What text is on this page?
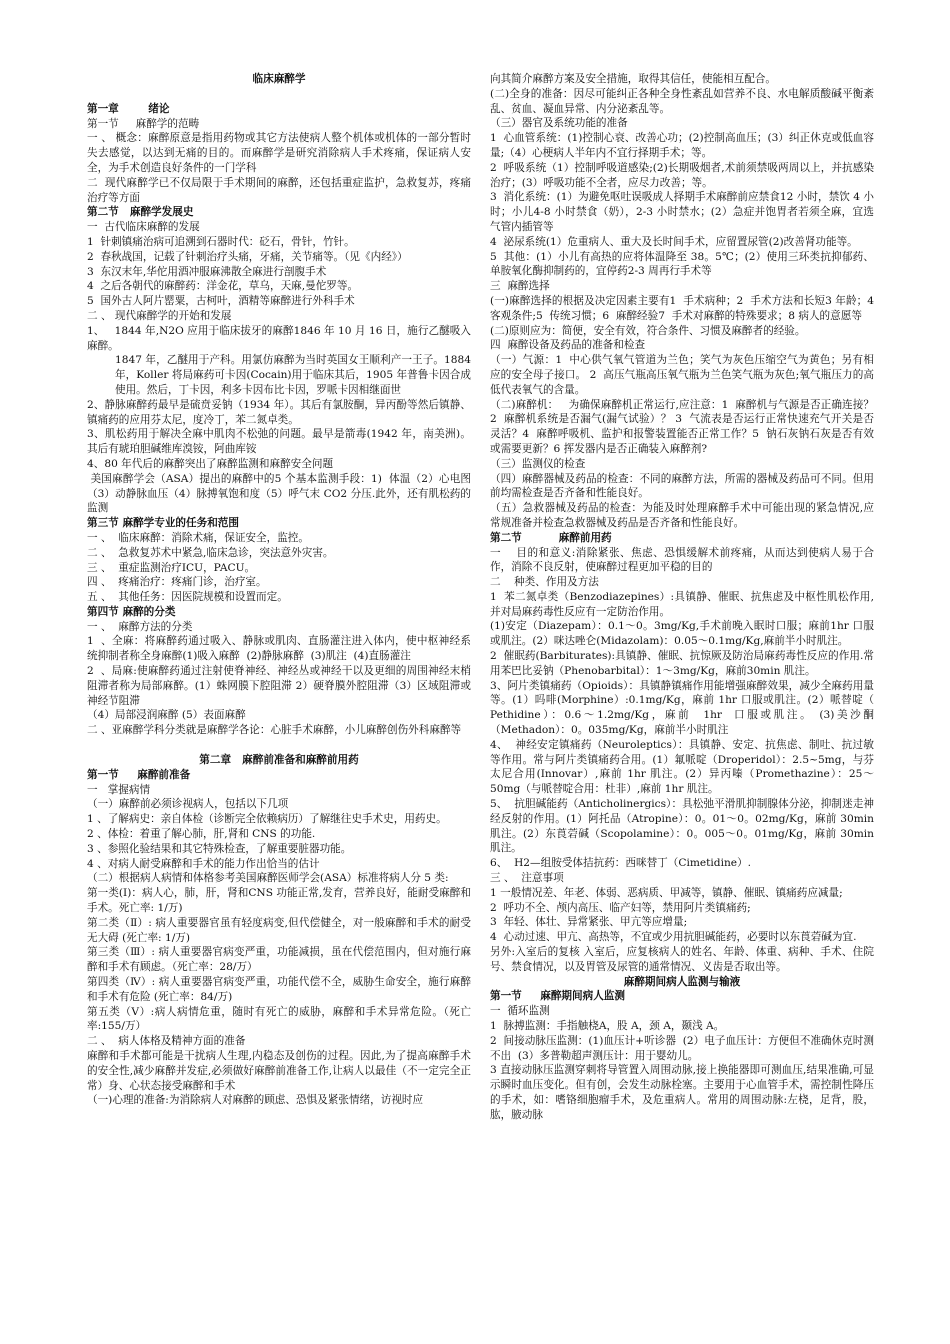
临床麻醉学
第一章        绪论
第一节     麻醉学的范畴
一 、 概念：麻醉原意是指用药物或其它方法使病人整个机体或机体的一部分暂时失去感觉，以达到无痛的目的。而麻醉学是研究消除病人手术疼痛，保证病人安全，为手术创造良好条件的一门学科
二  现代麻醉学已不仅局限于手术期间的麻醉，还包括重症监护，急救复苏，疼痛治疗等方面
第二节   麻醉学发展史
一  古代临床麻醉的发展
1  针刺镇痛治病可追溯到石器时代：砭石，骨针，竹针。
2  春秋战国，记载了针刺治疗头痛，牙痛，关节痛等。（见《内经》）
3  东汉末年,华佗用酒冲服麻沸散全麻进行剖腹手术
4  之后各朝代的麻醉药：洋金花，草乌，天麻,曼佗罗等。
5  国外古人阿片罂粟，古柯叶，酒精等麻醉进行外科手术
二 、 现代麻醉学的开始和发展
1、   1844 年,N2O 应用于临床拔牙的麻醉1846 年 10 月 16 日，施行乙醚吸入麻醉。
1847 年，乙醚用于产科。用氯仿麻醉为当时英国女王顺利产一王子。1884 年，Koller 将局麻药可卡因(Cocain)用于临床其后，1905 年普鲁卡因合成使用。然后，丁卡因，利多卡因布比卡因，罗哌卡因相继面世
2、静脉麻醉药最早是硫贲妥钠（1934 年）。其后有氯胺酮，异丙酚等然后镇静、镇痛药的应用芬太尼，度冷丁，苯二氮卓类。
3、肌松药用于解决全麻中肌肉不松弛的问题。最早是箭毒(1942 年，南美洲)。其后有琥珀胆碱维库溴铵，阿曲库铵
4、80 年代后的麻醉突出了麻醉监测和麻醉安全问题
美国麻醉学会（ASA）提出的麻醉中的5 个基本监测手段：1)  体温（2）心电图（3）动静脉血压（4）脉搏氧饱和度（5）呼气末 CO2 分压.此外，还有肌松药的监测
第三节 麻醉学专业的任务和范围
一 、  临床麻醉：消除术痛，保证安全，监控。
二 、  急救复苏术中紧急,临床急诊，突法意外灾害。
三 、  重症监测治疗ICU，PACU。
四 、  疼痛治疗：疼痛门诊，治疗室。
五 、  其他任务：因医院规模和设置而定。
第四节 麻醉的分类
一 、  麻醉方法的分类
1  、全麻：将麻醉药通过吸入、静脉或肌肉、直肠灌注进入体内，使中枢神经系统抑制者称全身麻醉(1)吸入麻醉  (2)静脉麻醉  (3)肌注  (4)直肠灌注
2  、局麻:使麻醉药通过注射使脊神经、神经丛或神经干以及更细的周围神经末梢阻滞者称为局部麻醉。(1）蛛网膜下腔阻滞 2）硬脊膜外腔阻滞（3）区域阻滞或神经节阻滞
（4）局部浸润麻醉 (5）表面麻醉
二 、亚麻醉学科分类就是麻醉学各论：心脏手术麻醉，小儿麻醉创伤外科麻醉等
第二章   麻醉前准备和麻醉前用药
第一节     麻醉前准备
一   掌握病情
（一）麻醉前必须诊视病人，包括以下几项
1 、了解病史：亲自体检（诊断完全依赖病历）了解继往史手术史，用药史。
2 、体检：着重了解心肺，肝,肾和 CNS 的功能.
3 、参照化验结果和其它特殊检查，了解重要脏器功能。
4 、对病人耐受麻醉和手术的能力作出恰当的估计
（二）根据病人病情和体格参考美国麻醉医师学会(ASA）标准将病人分 5 类:
第一类(Ⅰ)：病人心，肺，肝，肾和CNS 功能正常,发育，营养良好，能耐受麻醉和手术。死亡率: 1/万)
第二类（Ⅱ）: 病人重要器官虽有轻度病变,但代偿健全，对一般麻醉和手术的耐受无大碍 (死亡率: 1/万)
第三类（Ⅲ）: 病人重要器官病变严重，功能减损，虽在代偿范围内，但对施行麻醉和手术有顾虑。（死亡率：28/万）
第四类（Ⅳ）: 病人重要器官病变严重，功能代偿不全，威胁生命安全，施行麻醉和手术有危险 (死亡率：84/万)
第五类（Ⅴ）:病人病情危重，随时有死亡的威胁，麻醉和手术异常危险。（死亡率:155/万）
二 、  病人体格及精神方面的准备
麻醉和手术都可能是干扰病人生理,内稳态及创伤的过程。因此,为了提高麻醉手术的安全性,减少麻醉并发症,必须做好麻醉前准备工作,让病人以最佳（不一定完全正常）身、心状态接受麻醉和手术
（一)心理的准备:为消除病人对麻醉的顾虑、恐惧及紧张情绪，访视时应
向其简介麻醉方案及安全措施，取得其信任，使能相互配合。
(二)全身的准备：因尽可能纠正各种全身性紊乱如营养不良、水电解质酸碱平衡紊乱、贫血、凝血异常、内分泌紊乱等。
（三）器官及系统功能的准备
1  心血管系统：(1)控制心衰、改善心功；(2)控制高血压；(3）纠正休克或低血容量;（4）心梗病人半年内不宜行择期手术；等。
2  呼吸系统（1）控制呼吸道感染;(2)长期吸烟者,术前须禁吸两周以上，并抗感染治疗；(3）呼吸功能不全者，应尽力改善；等。
3  消化系统：(1）为避免呕吐误吸成人择期手术麻醉前应禁食12 小时，禁饮 4 小时；小儿4-8 小时禁食（奶），2-3 小时禁水；(2）急症并饱胃者若须全麻，宜选气管内插管等
4  泌尿系统(1）危重病人、重大及长时间手术，应留置尿管(2)改善肾功能等。
5  其他：(1）小儿有高热的应将体温降至 38。5℃；(2）使用三环类抗抑郁药、单胺氧化酶抑制药的，宜停药2-3 周再行手术等
三  麻醉选择
(一)麻醉选择的根据及决定因素主要有1  手术病种；2  手术方法和长短3 年龄；4  客观条件;5  传统习惯；6  麻醉经验7  手术对麻醉的特殊要求；8 病人的意愿等
(二)原则应为：简便，安全有效，符合条件、习惯及麻醉者的经验。
四  麻醉设备及药品的准备和检查
（一）气源：1  中心供气氧气管道为兰色；笑气为灰色压缩空气为黄色；另有相应的安全母子接口。 2  高压气瓶高压氧气瓶为兰色笑气瓶为灰色;氧气瓶压力的高低代表氧气的含量。
（二)麻醉机：   为确保麻醉机正常运行,应注意：1  麻醉机与气源是否正确连接？ 2  麻醉机系统是否漏气(漏气试验）？ 3  气流表是否运行正常快速充气开关是否灵活？4  麻醉呼吸机、监护和报警装置能否正常工作？5  钠石灰钠石灰是否有效或需要更新？6 挥发器内是否正确装入麻醉剂?
（三）监测仪的检查
（四）麻醉器械及药品的检查：不同的麻醉方法，所需的器械及药品可不同。但用前均需检查是否齐备和性能良好。
（五）急救器械及药品的检查：为能及时处理麻醉手术中可能出现的紧急情况,应常规准备并检查急救器械及药品是否齐备和性能良好。
第二节          麻醉前用药
一    目的和意义:消除紧张、焦虑、恐惧缓解术前疼痛，从而达到使病人易于合作，消除不良反射，使麻醉过程更加平稳的目的
二    种类、作用及方法
1  苯二氮卓类（Benzodiazepines）:具镇静、催眠、抗焦虑及中枢性肌松作用,并对局麻药毒性反应有一定防治作用。
(1)安定（Diazepam）：0.1～0。3mg/Kg,手术前晚入眠时口服；麻前1hr 口服或肌注。(2）咪达唑仑(Midazolam)：0.05～0.1mg/Kg,麻前半小时肌注。
2  催眠药(Barbiturates):具镇静、催眠、抗惊厥及防治局麻药毒性反应的作用.常用苯巴比妥钠（Phenobarbital）：1～3mg/Kg，麻前30min 肌注。
3、阿片类镇痛药（Opioids）：具镇静镇痛作用能增强麻醉效果，减少全麻药用量等。(1）吗啡(Morphine）:0.1mg/Kg，麻前 1hr 口服或肌注。(2）哌替啶（ Pethidine）：0.6～1.2mg/Kg，麻前  1hr  口服或肌注。 (3)美沙酮（Methadon）：0。035mg/Kg，麻前半小时肌注
4、  神经安定镇痛药（Neuroleptics）：具镇静、安定、抗焦虑、制吐、抗过敏等作用。常与阿片类镇痛药合用。(1）氟哌啶（Droperidol）：2.5~5mg，与芬太尼合用(Innovar）,麻前 1hr 肌注。(2）异丙嗪（Promethazine）：25～50mg（与哌替啶合用：杜非）,麻前 1hr 肌注。
5、  抗胆碱能药（Anticholinergics）：具松弛平滑肌抑制腺体分泌，抑制迷走神经反射的作用。(1）阿托品（Atropine）：0。01～0。02mg/Kg，麻前 30min 肌注。(2）东莨菪碱（Scopolamine）：0。005～0。01mg/Kg，麻前 30min 肌注。
6、  H2—组胺受体拮抗药：西咪替丁（Cimetidine）.
三 、  注意事项
1 一般情况差、年老、体弱、恶病质、甲减等，镇静、催眠、镇痛药应减量;
2  呼功不全、颅内高压、临产妇等，禁用阿片类镇痛药;
3  年轻、体壮、异常紧张、甲亢等应增量;
4  心动过速、甲亢、高热等，不宜或少用抗胆碱能药，必要时以东莨菪碱为宜.
另外:入室后的复核 入室后，应复核病人的姓名、年龄、体重、病种、手术、住院号、禁食情况，以及胃管及尿管的通常情况、义齿是否取出等。
麻醉期间病人监测与输液
第一节     麻醉期间病人监测
一  循环监测
1  脉搏监测：手指触桡A，股 A，颈 A，颞浅 A。
2  间接动脉压监测：(1)血压计+听诊器  (2）电子血压计：方便但不准确休克时测不出  (3）多普勒超声测压计：用于婴幼儿。
3 直接动脉压监测穿刺将导管置入周围动脉,接上换能器即可测血压,结果准确,可显示瞬时血压变化。但有创，会发生动脉栓塞。主要用于心血管手术，需控制性降压的手术，如：嗜铬细胞瘤手术，及危重病人。常用的周围动脉:左桡，足背，股，肱，腋动脉
